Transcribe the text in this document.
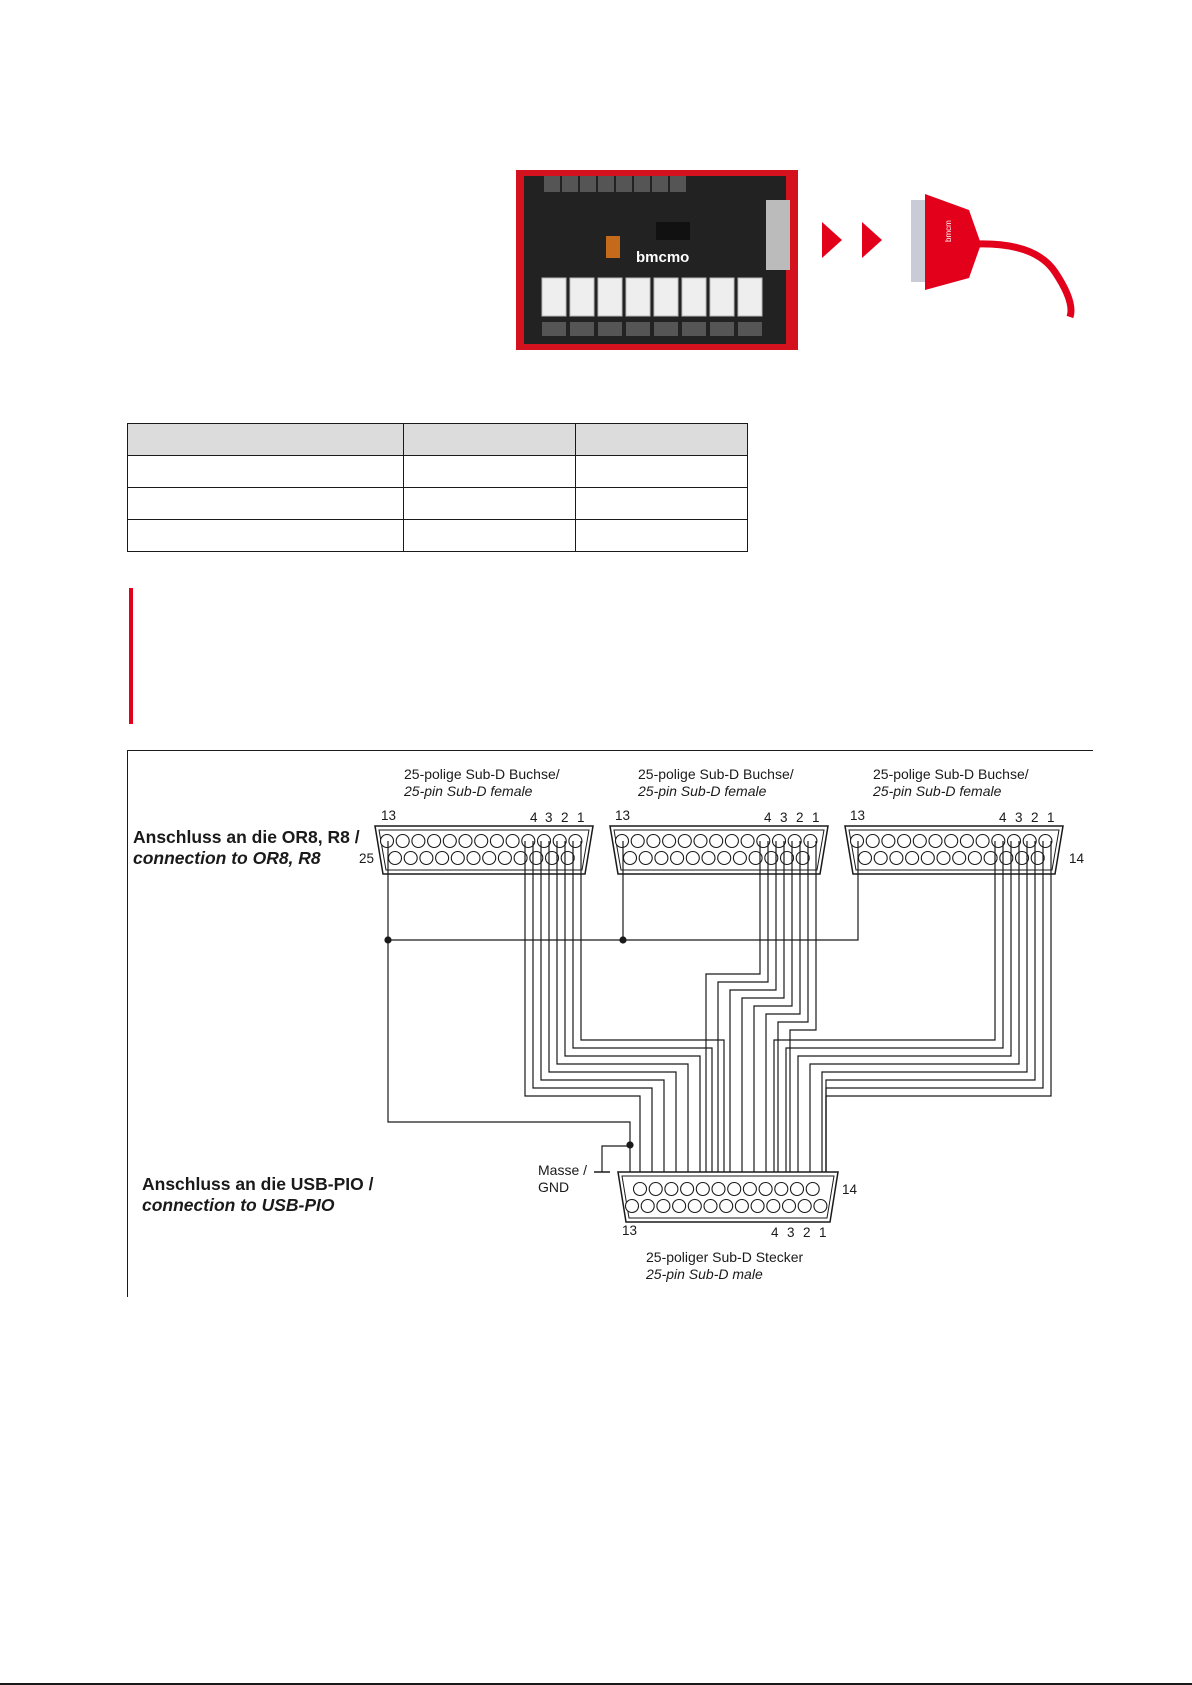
bmcmo
bmcm

25-polige Sub-D Buchse/
25-pin Sub-D female
25-polige Sub-D Buchse/
25-pin Sub-D female
25-polige Sub-D Buchse/
25-pin Sub-D female
13	4 3 2 1
25
13	4 3 2 1 13	4 3 2 1
14
Anschluss an die OR8, R8 /
connection to OR8, R8
Anschluss an die USB-PIO /
connection to USB-PIO
Masse /
GND
13	4 3 2 1
14
25-poliger Sub-D Stecker
25-pin Sub-D male
